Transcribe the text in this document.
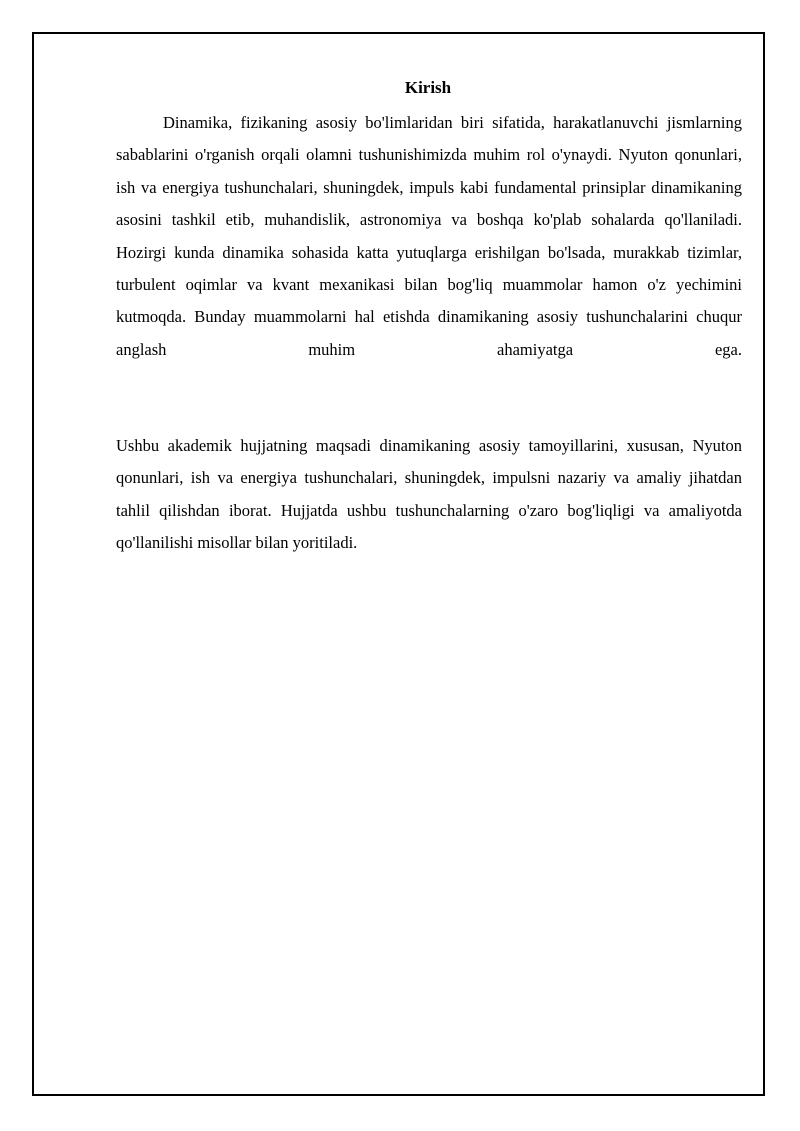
Kirish

Dinamika, fizikaning asosiy bo'limlaridan biri sifatida, harakatlanuvchi jismlarning sabablarini o'rganish orqali olamni tushunishimizda muhim rol o'ynaydi. Nyuton qonunlari, ish va energiya tushunchalari, shuningdek, impuls kabi fundamental prinsiplar dinamikaning asosini tashkil etib, muhandislik, astronomiya va boshqa ko'plab sohalarda qo'llaniladi. Hozirgi kunda dinamika sohasida katta yutuqlarga erishilgan bo'lsada, murakkab tizimlar, turbulent oqimlar va kvant mexanikasi bilan bog'liq muammolar hamon o'z yechimini kutmoqda. Bunday muammolarni hal etishda dinamikaning asosiy tushunchalarini chuqur anglash muhim ahamiyatga ega.

Ushbu akademik hujjatning maqsadi dinamikaning asosiy tamoyillarini, xususan, Nyuton qonunlari, ish va energiya tushunchalari, shuningdek, impulsni nazariy va amaliy jihatdan tahlil qilishdan iborat. Hujjatda ushbu tushunchalarning o'zaro bog'liqligi va amaliyotda qo'llanilishi misollar bilan yoritiladi.
